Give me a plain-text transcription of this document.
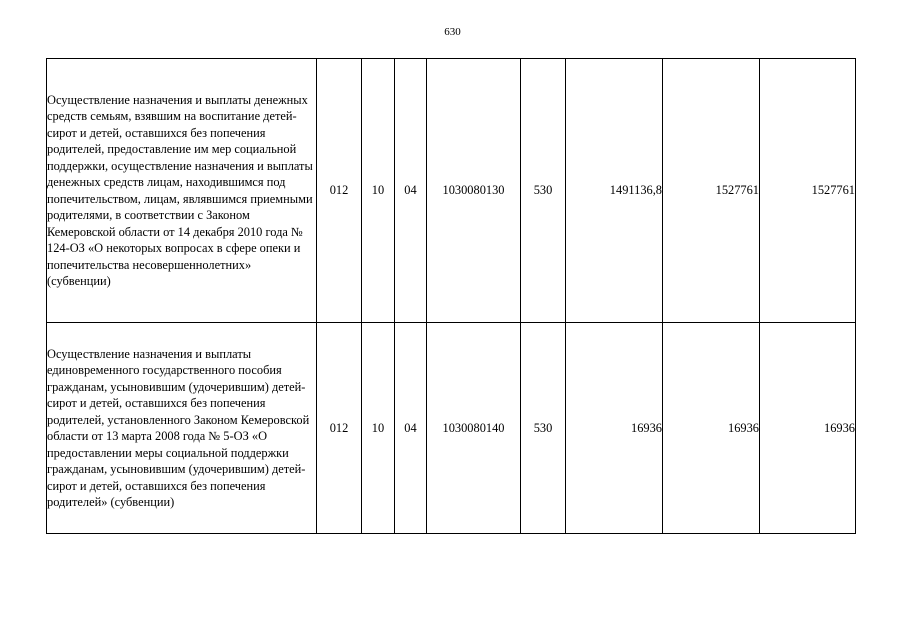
630
Осуществление назначения и выплаты денежных средств семьям, взявшим на воспитание детей-сирот и детей, оставшихся без попечения родителей, предоставление им мер социальной поддержки, осуществление назначения и выплаты денежных средств лицам, находившимся под попечительством, лицам, являвшимся приемными родителями, в соответствии с Законом Кемеровской области от 14 декабря 2010 года № 124-ОЗ «О некоторых вопросах в сфере опеки и попечительства несовершеннолетних» (субвенции)	012	10	04	1030080130	530	1491136,8	1527761	1527761
Осуществление назначения и выплаты единовременного государственного пособия гражданам, усыновившим (удочерившим) детей-сирот и детей, оставшихся без попечения родителей, установленного Законом Кемеровской области от 13 марта 2008 года № 5-ОЗ «О предоставлении меры социальной поддержки гражданам, усыновившим (удочерившим) детей-сирот и детей, оставшихся без попечения родителей» (субвенции)	012	10	04	1030080140	530	16936	16936	16936
